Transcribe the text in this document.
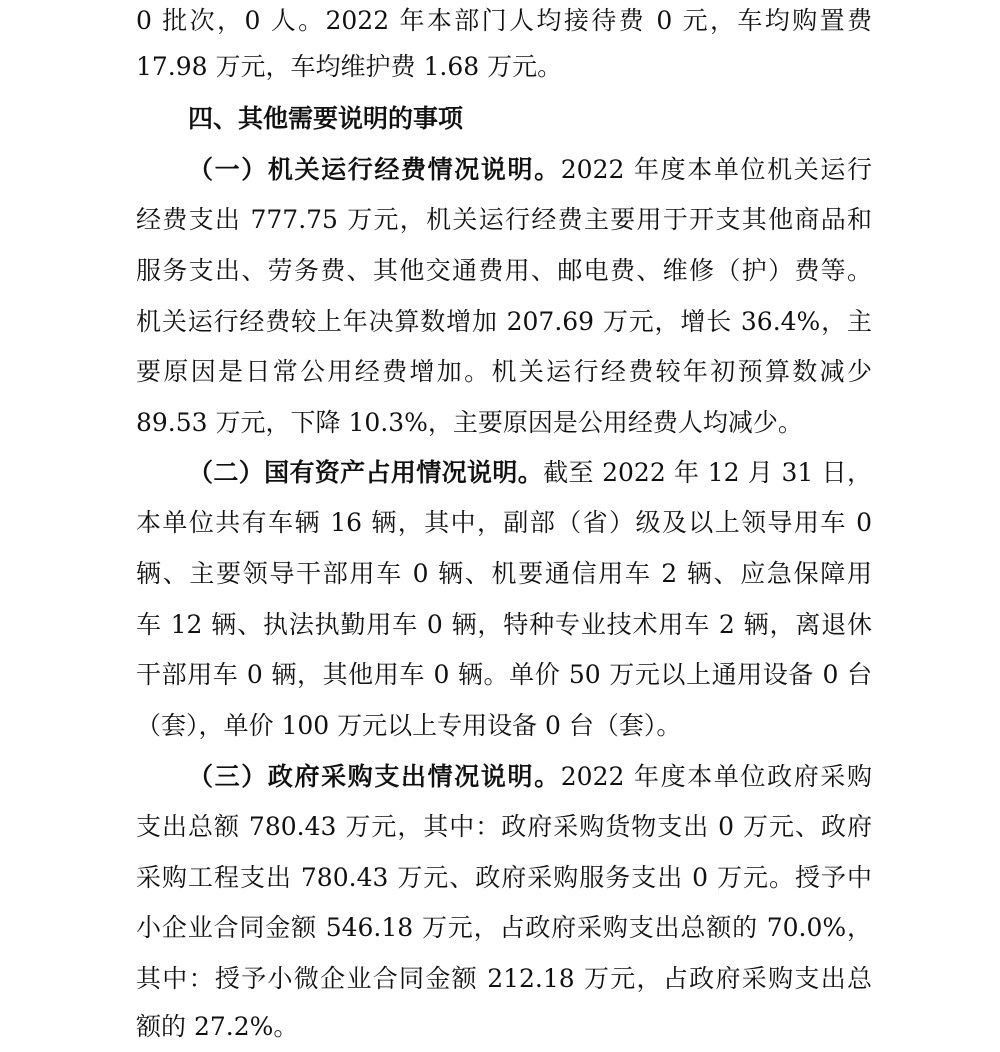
0 批次，0 人。2022 年本部门人均接待费 0 元，车均购置费
17.98 万元，车均维护费 1.68 万元。
四、其他需要说明的事项
（一）机关运行经费情况说明。2022 年度本单位机关运行
经费支出 777.75 万元，机关运行经费主要用于开支其他商品和
服务支出、劳务费、其他交通费用、邮电费、维修（护）费等。
机关运行经费较上年决算数增加 207.69 万元，增长 36.4%，主
要原因是日常公用经费增加。机关运行经费较年初预算数减少
89.53 万元，下降 10.3%，主要原因是公用经费人均减少。
（二）国有资产占用情况说明。截至 2022 年 12 月 31 日，
本单位共有车辆 16 辆，其中，副部（省）级及以上领导用车 0
辆、主要领导干部用车 0 辆、机要通信用车 2 辆、应急保障用
车 12 辆、执法执勤用车 0 辆，特种专业技术用车 2 辆，离退休
干部用车 0 辆，其他用车 0 辆。单价 50 万元以上通用设备 0 台
（套），单价 100 万元以上专用设备 0 台（套）。
（三）政府采购支出情况说明。2022 年度本单位政府采购
支出总额 780.43 万元，其中：政府采购货物支出 0 万元、政府
采购工程支出 780.43 万元、政府采购服务支出 0 万元。授予中
小企业合同金额 546.18 万元，占政府采购支出总额的 70.0%，
其中：授予小微企业合同金额 212.18 万元，占政府采购支出总
额的 27.2%。
